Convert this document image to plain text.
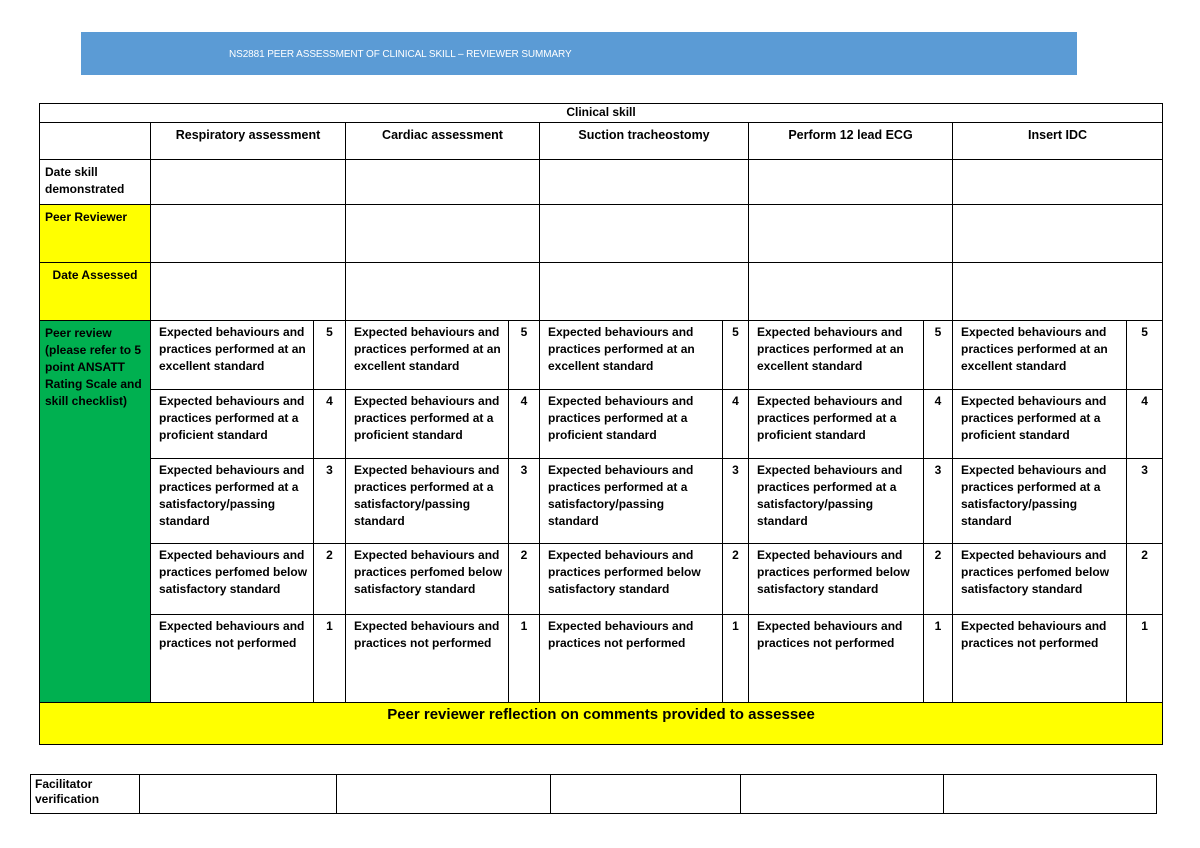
NS2881 PEER ASSESSMENT OF CLINICAL SKILL – REVIEWER SUMMARY
Clinical skill										
	Respiratory assessment		Cardiac assessment		Suction tracheostomy		Perform 12 lead ECG		Insert IDC	
Date skill demonstrated										
Peer Reviewer										
Date Assessed										
Peer review (please refer to 5 point ANSATT Rating Scale and skill checklist)	Expected behaviours and practices performed at an excellent standard	5	Expected behaviours and practices performed at an excellent standard	5	Expected behaviours and practices performed at an excellent standard	5	Expected behaviours and practices performed at an excellent standard	5	Expected behaviours and practices performed at an excellent standard	5
	Expected behaviours and practices performed at a proficient standard	4	Expected behaviours and practices performed at a proficient standard	4	Expected behaviours and practices performed at a proficient standard	4	Expected behaviours and practices performed at a proficient standard	4	Expected behaviours and practices performed at a proficient standard	4
	Expected behaviours and practices performed at a satisfactory/passing standard	3	Expected behaviours and practices performed at a satisfactory/passing standard	3	Expected behaviours and practices performed at a satisfactory/passing standard	3	Expected behaviours and practices performed at a satisfactory/passing standard	3	Expected behaviours and practices performed at a satisfactory/passing standard	3
	Expected behaviours and practices perfomed below satisfactory standard	2	Expected behaviours and practices perfomed below satisfactory standard	2	Expected behaviours and practices performed below satisfactory standard	2	Expected behaviours and practices performed below satisfactory standard	2	Expected behaviours and practices perfomed below satisfactory standard	2
	Expected behaviours and practices not performed	1	Expected behaviours and practices not performed	1	Expected behaviours and practices not performed	1	Expected behaviours and practices not performed	1	Expected behaviours and practices not performed	1
Peer reviewer reflection on comments provided to assessee										
Facilitator verification					
